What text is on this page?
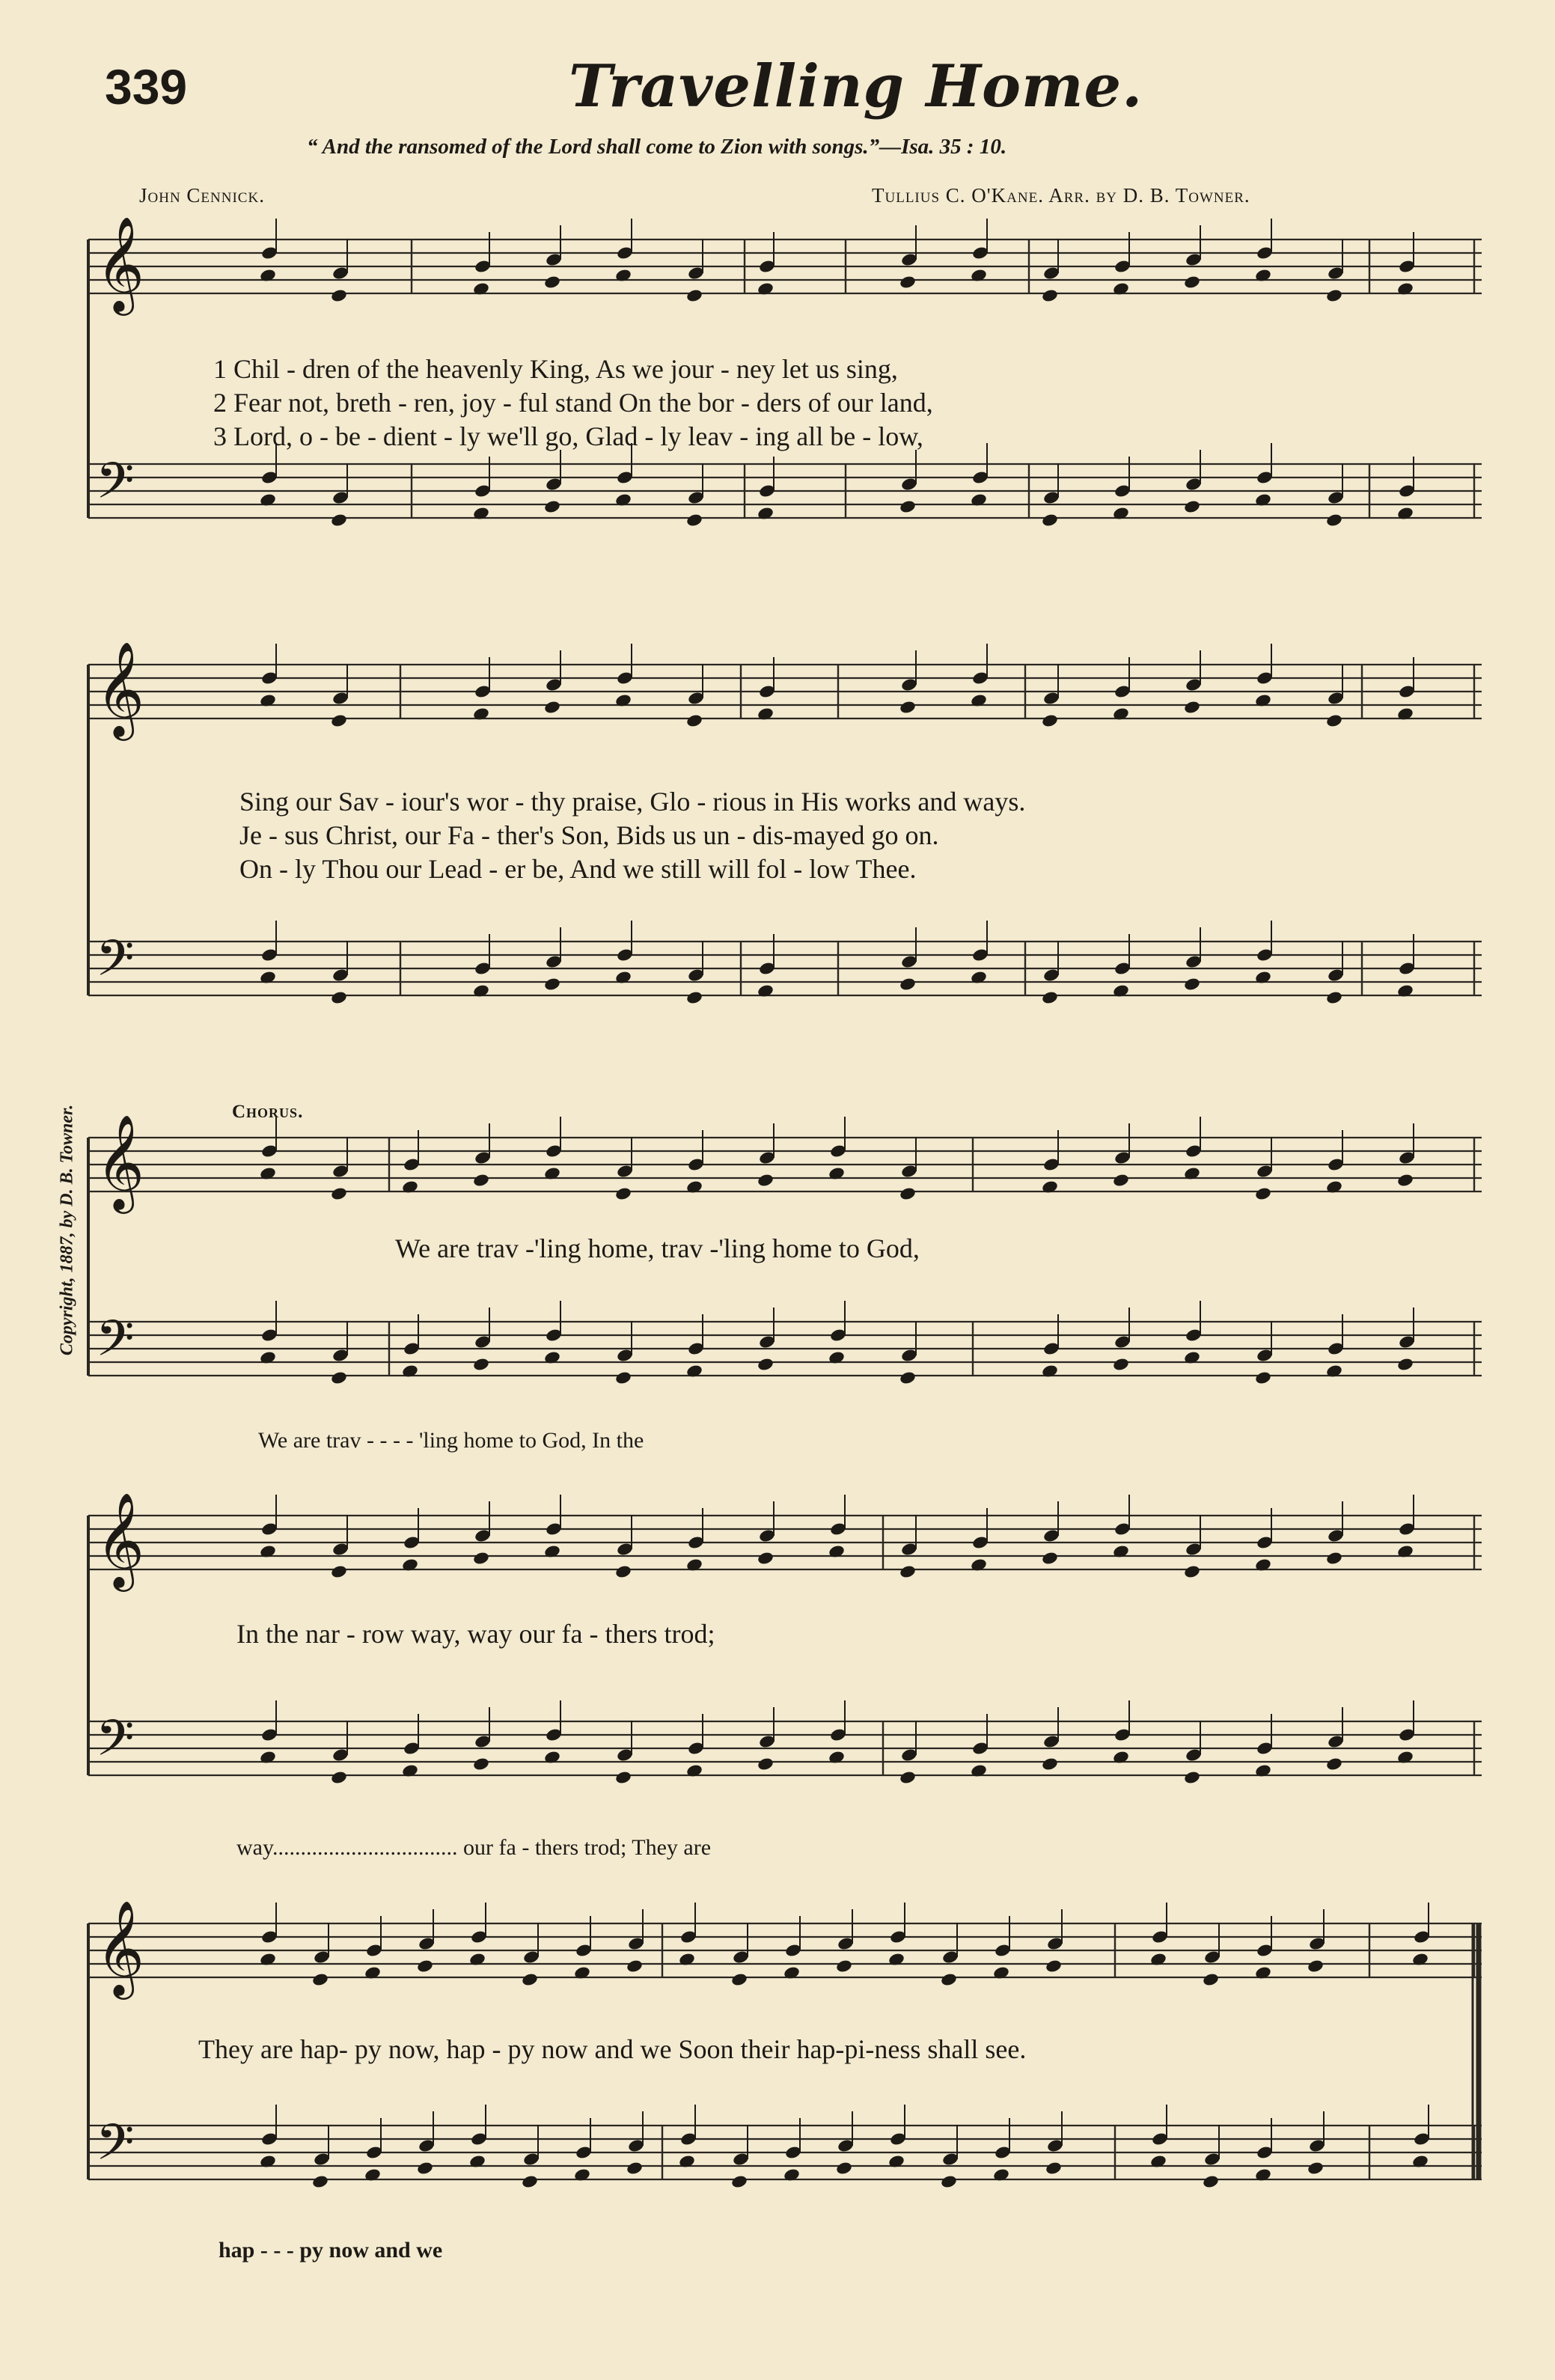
339	Travelling Home.
“ And the ransomed of the Lord shall come to Zion with songs.”—Isa. 35 : 10.
John Cennick.	Tullius C. O'Kane. Arr. by D. B. Towner.
Copyright, 1887, by D. B. Towner.	Chorus.
𝄞
𝄢
𝄞
𝄢
𝄞
𝄢
𝄞
𝄢
𝄞
𝄢
1 Chil - dren of the heavenly King, As we jour - ney let us sing,
2 Fear not, breth - ren, joy - ful stand On the bor - ders of our land,
3 Lord, o - be - dient - ly we'll go, Glad - ly leav - ing all be - low,
Sing our Sav - iour's wor - thy praise, Glo - rious in His works and ways.
Je - sus Christ, our Fa - ther's Son, Bids us un - dis-mayed go on.
On - ly Thou our Lead - er be, And we still will fol - low Thee.
We are trav -'ling home, trav -'ling home to God,
We are trav - - - - 'ling home to God, In the
In the nar - row way, way our fa - thers trod;
way................................. our fa - thers trod; They are
They are hap- py now, hap - py now and we Soon their hap-pi-ness shall see.
hap - - - py now and we
